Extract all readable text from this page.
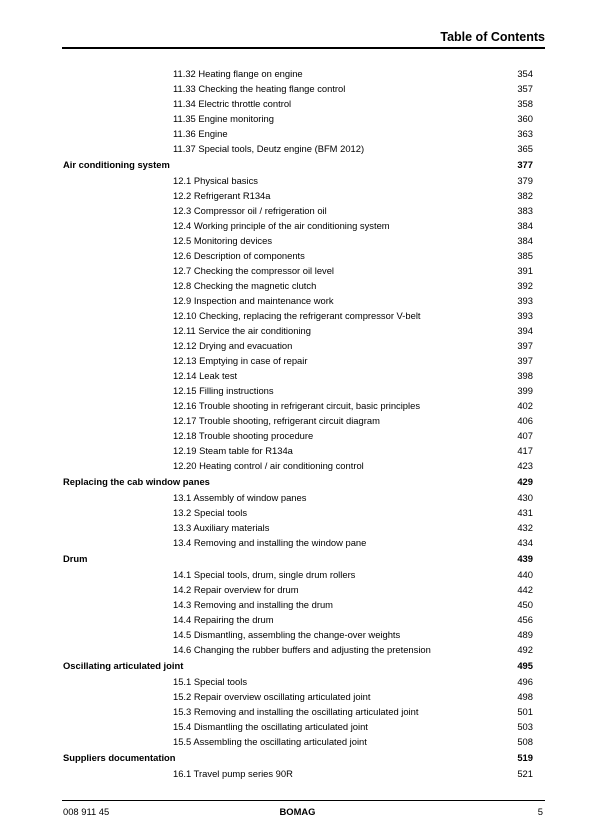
Table of Contents
11.32 Heating flange on engine	354
11.33 Checking the heating flange control	357
11.34 Electric throttle control	358
11.35 Engine monitoring	360
11.36 Engine	363
11.37 Special tools, Deutz engine (BFM 2012)	365
Air conditioning system	377
12.1 Physical basics	379
12.2 Refrigerant R134a	382
12.3 Compressor oil / refrigeration oil	383
12.4 Working principle of the air conditioning system	384
12.5 Monitoring devices	384
12.6 Description of components	385
12.7 Checking the compressor oil level	391
12.8 Checking the magnetic clutch	392
12.9 Inspection and maintenance work	393
12.10 Checking, replacing the refrigerant compressor V-belt	393
12.11 Service the air conditioning	394
12.12 Drying and evacuation	397
12.13 Emptying in case of repair	397
12.14 Leak test	398
12.15 Filling instructions	399
12.16 Trouble shooting in refrigerant circuit, basic principles	402
12.17 Trouble shooting, refrigerant circuit diagram	406
12.18 Trouble shooting procedure	407
12.19 Steam table for R134a	417
12.20 Heating control / air conditioning control	423
Replacing the cab window panes	429
13.1 Assembly of window panes	430
13.2 Special tools	431
13.3 Auxiliary materials	432
13.4 Removing and installing the window pane	434
Drum	439
14.1 Special tools, drum, single drum rollers	440
14.2 Repair overview for drum	442
14.3 Removing and installing the drum	450
14.4 Repairing the drum	456
14.5 Dismantling, assembling the change-over weights	489
14.6 Changing the rubber buffers and adjusting the pretension	492
Oscillating articulated joint	495
15.1 Special tools	496
15.2 Repair overview oscillating articulated joint	498
15.3 Removing and installing the oscillating articulated joint	501
15.4 Dismantling the oscillating articulated joint	503
15.5 Assembling the oscillating articulated joint	508
Suppliers documentation	519
16.1 Travel pump series 90R	521
008 911 45	BOMAG	5
